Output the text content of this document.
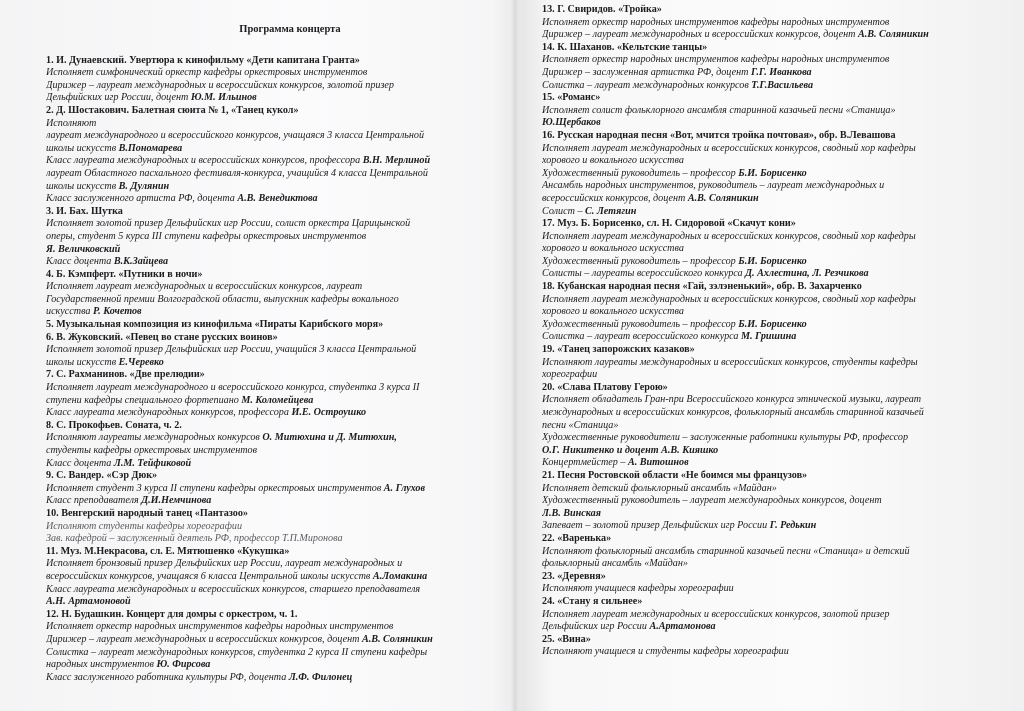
Программа концерта
1. И. Дунаевский. Увертюра к кинофильму «Дети капитана Гранта»
Исполняет симфонический оркестр кафедры оркестровых инструментов
Дирижер – лауреат международных и всероссийских конкурсов, золотой призер
Дельфийских игр России, доцент Ю.М. Ильинов
2. Д. Шостакович. Балетная сюита № 1, «Танец кукол»
Исполняют
лауреат международного и всероссийского конкурсов, учащаяся 3 класса Центральной
школы искусств В.Пономарева
Класс лауреата международных и всероссийских конкурсов, профессора В.Н. Мерлиной
лауреат Областного пасхального фестиваля-конкурса, учащийся 4 класса Центральной
школы искусств В. Дулянин
Класс заслуженного артиста РФ, доцента А.В. Венедиктова
3. И. Бах. Шутка
Исполняет золотой призер Дельфийских игр России, солист оркестра Царицынской
оперы, студент 5 курса III ступени кафедры оркестровых инструментов
Я. Величковский
Класс доцента В.К.Зайцева
4. Б. Кэмпферт. «Путники в ночи»
Исполняет лауреат международных и всероссийских конкурсов, лауреат
Государственной премии Волгоградской области, выпускник кафедры вокального
искусства Р. Кочетов
5. Музыкальная композиция из кинофильма «Пираты Карибского моря»
6. В. Жуковский. «Певец во стане русских воинов»
Исполняет золотой призер Дельфийских игр России, учащийся 3 класса Центральной
школы искусств Е.Черевко
7. С. Рахманинов. «Две прелюдии»
Исполняет лауреат международного и всероссийского конкурса, студентка 3 курса II
ступени кафедры специального фортепиано М. Коломейцева
Класс лауреата международных конкурсов, профессора И.Е. Остроушко
8. С. Прокофьев. Соната, ч. 2.
Исполняют лауреаты международных конкурсов О. Митюхина и Д. Митюхин,
студенты кафедры оркестровых инструментов
Класс доцента Л.М. Тейфиковой
9. С. Вандер. «Сэр Дюк»
Исполняет студент 3 курса II ступени кафедры оркестровых инструментов А. Глухов
Класс преподавателя Д.И.Немчинова
10. Венгерский народный танец «Пантазоо»
Исполняют студенты кафедры хореографии
Зав. кафедрой – заслуженный деятель РФ, профессор Т.П.Миронова
11. Муз. М.Некрасова, сл. Е. Мятюшенко «Кукушка»
Исполняет бронзовый призер Дельфийских игр России, лауреат международных и
всероссийских конкурсов, учащаяся 6 класса Центральной школы искусств А.Ломакина
Класс лауреата международных и всероссийских конкурсов, старшего преподавателя
А.Н. Артамоновой
12. Н. Будашкин. Концерт для домры с оркестром, ч. 1.
Исполняет оркестр народных инструментов кафедры народных инструментов
Дирижер – лауреат международных и всероссийских конкурсов, доцент А.В. Соляникин
Солистка – лауреат международных конкурсов, студентка 2 курса II ступени кафедры
народных инструментов Ю. Фирсова
Класс заслуженного работника культуры РФ, доцента Л.Ф. Филонец
13. Г. Свиридов. «Тройка»
Исполняет оркестр народных инструментов кафедры народных инструментов
Дирижер – лауреат международных и всероссийских конкурсов, доцент А.В. Соляникин
14. К. Шаханов. «Кельтские танцы»
Исполняет оркестр народных инструментов кафедры народных инструментов
Дирижер – заслуженная артистка РФ, доцент Г.Г. Иванкова
Солистка – лауреат международных конкурсов Т.Г.Васильева
15. «Романс»
Исполняет солист фольклорного ансамбля старинной казачьей песни «Станица»
Ю.Щербаков
16. Русская народная песня «Вот, мчится тройка почтовая», обр. В.Левашова
Исполняет лауреат международных и всероссийских конкурсов, сводный хор кафедры
хорового и вокального искусства
Художественный руководитель – профессор Б.И. Борисенко
Ансамбль народных инструментов, руководитель – лауреат международных и
всероссийских конкурсов, доцент А.В. Соляникин
Солист – С. Летягин
17. Муз. Б. Борисенко, сл. Н. Сидоровой «Скачут кони»
Исполняет лауреат международных и всероссийских конкурсов, сводный хор кафедры
хорового и вокального искусства
Художественный руководитель – профессор Б.И. Борисенко
Солисты – лауреаты всероссийского конкурса Д. Ахлестина, Л. Резчикова
18. Кубанская народная песня «Гай, зэлэненький», обр. В. Захарченко
Исполняет лауреат международных и всероссийских конкурсов, сводный хор кафедры
хорового и вокального искусства
Художественный руководитель – профессор Б.И. Борисенко
Солистка – лауреат всероссийского конкурса М. Гришина
19. «Танец запорожских казаков»
Исполняют лауреаты международных и всероссийских конкурсов, студенты кафедры
хореографии
20. «Слава Платову Герою»
Исполняет обладатель Гран-при Всероссийского конкурса этнической музыки, лауреат
международных и всероссийских конкурсов, фольклорный ансамбль старинной казачьей
песни «Станица»
Художественные руководители – заслуженные работники культуры РФ, профессор
О.Г. Никитенко и доцент А.В. Кияшко
Концертмейстер – А. Витошнов
21. Песня Ростовской области «Не боимся мы французов»
Исполняет детский фольклорный ансамбль «Майдан»
Художественный руководитель – лауреат международных конкурсов, доцент
Л.В. Винская
Запевает – золотой призер Дельфийских игр России Г. Редькин
22. «Варенька»
Исполняют фольклорный ансамбль старинной казачьей песни «Станица» и детский
фольклорный ансамбль «Майдан»
23. «Деревня»
Исполняют учащиеся кафедры хореографии
24. «Стану я сильнее»
Исполняет лауреат международных и всероссийских конкурсов, золотой призер
Дельфийских игр России А.Артамонова
25. «Вина»
Исполняют учащиеся и студенты кафедры хореографии
